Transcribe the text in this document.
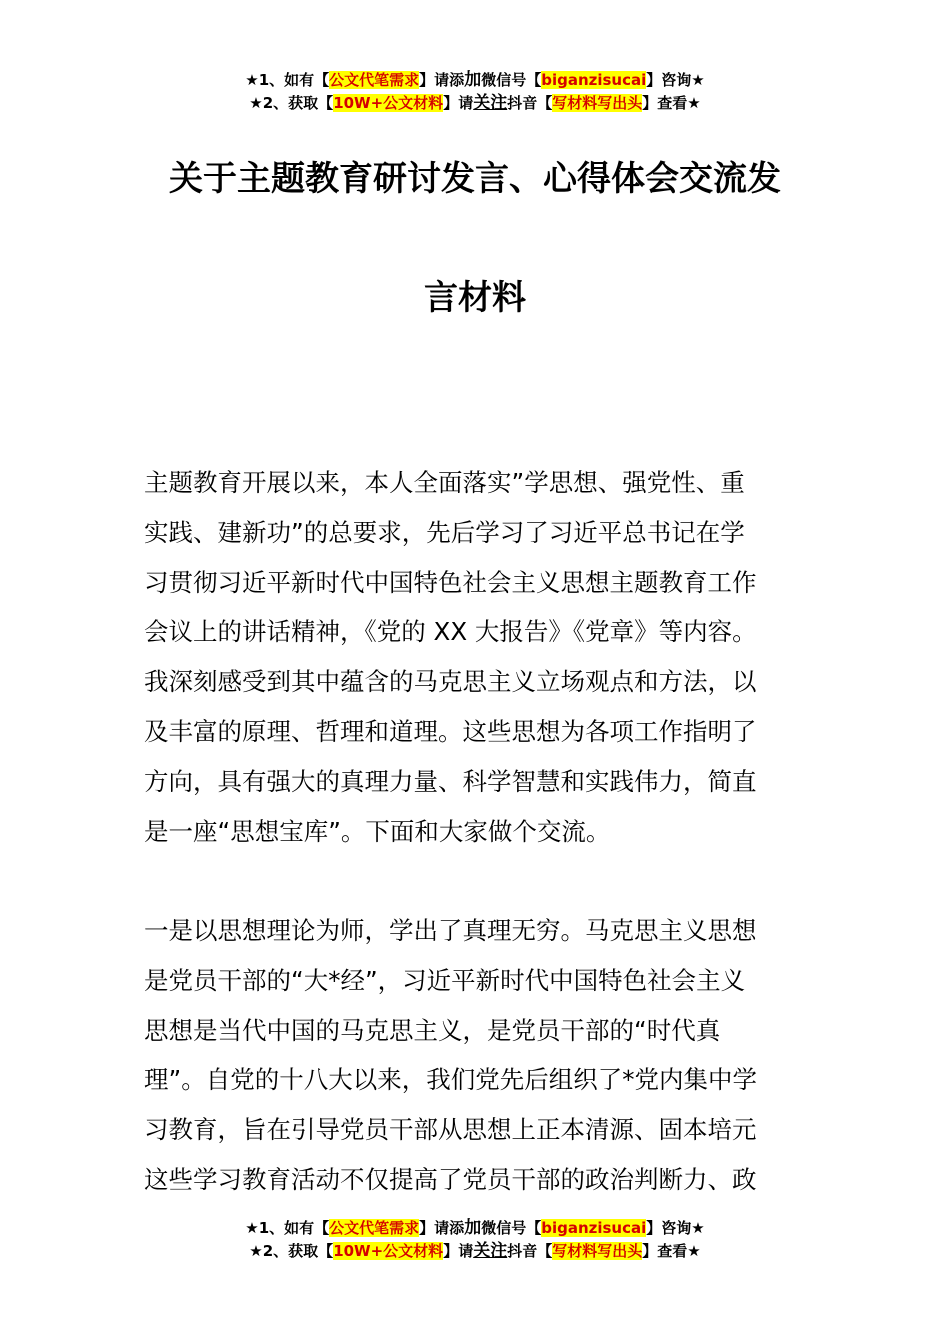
★1、如有【公文代笔需求】请添加微信号【biganzisucai】咨询★
★2、获取【10W+公文材料】请关注抖音【写材料写出头】查看★
关于主题教育研讨发言、心得体会交流发
言材料
主题教育开展以来，本人全面落实”学思想、强党性、重
实践、建新功”的总要求，先后学习了习近平总书记在学
习贯彻习近平新时代中国特色社会主义思想主题教育工作
会议上的讲话精神，《党的 XX 大报告》《党章》等内容。
我深刻感受到其中蕴含的马克思主义立场观点和方法，以
及丰富的原理、哲理和道理。这些思想为各项工作指明了
方向，具有强大的真理力量、科学智慧和实践伟力，简直
是一座“思想宝库”。下面和大家做个交流。
一是以思想理论为师，学出了真理无穷。马克思主义思想
是党员干部的“大*经”，习近平新时代中国特色社会主义
思想是当代中国的马克思主义，是党员干部的“时代真
理”。自党的十八大以来，我们党先后组织了*党内集中学
习教育，旨在引导党员干部从思想上正本清源、固本培元
这些学习教育活动不仅提高了党员干部的政治判断力、政
★1、如有【公文代笔需求】请添加微信号【biganzisucai】咨询★
★2、获取【10W+公文材料】请关注抖音【写材料写出头】查看★
